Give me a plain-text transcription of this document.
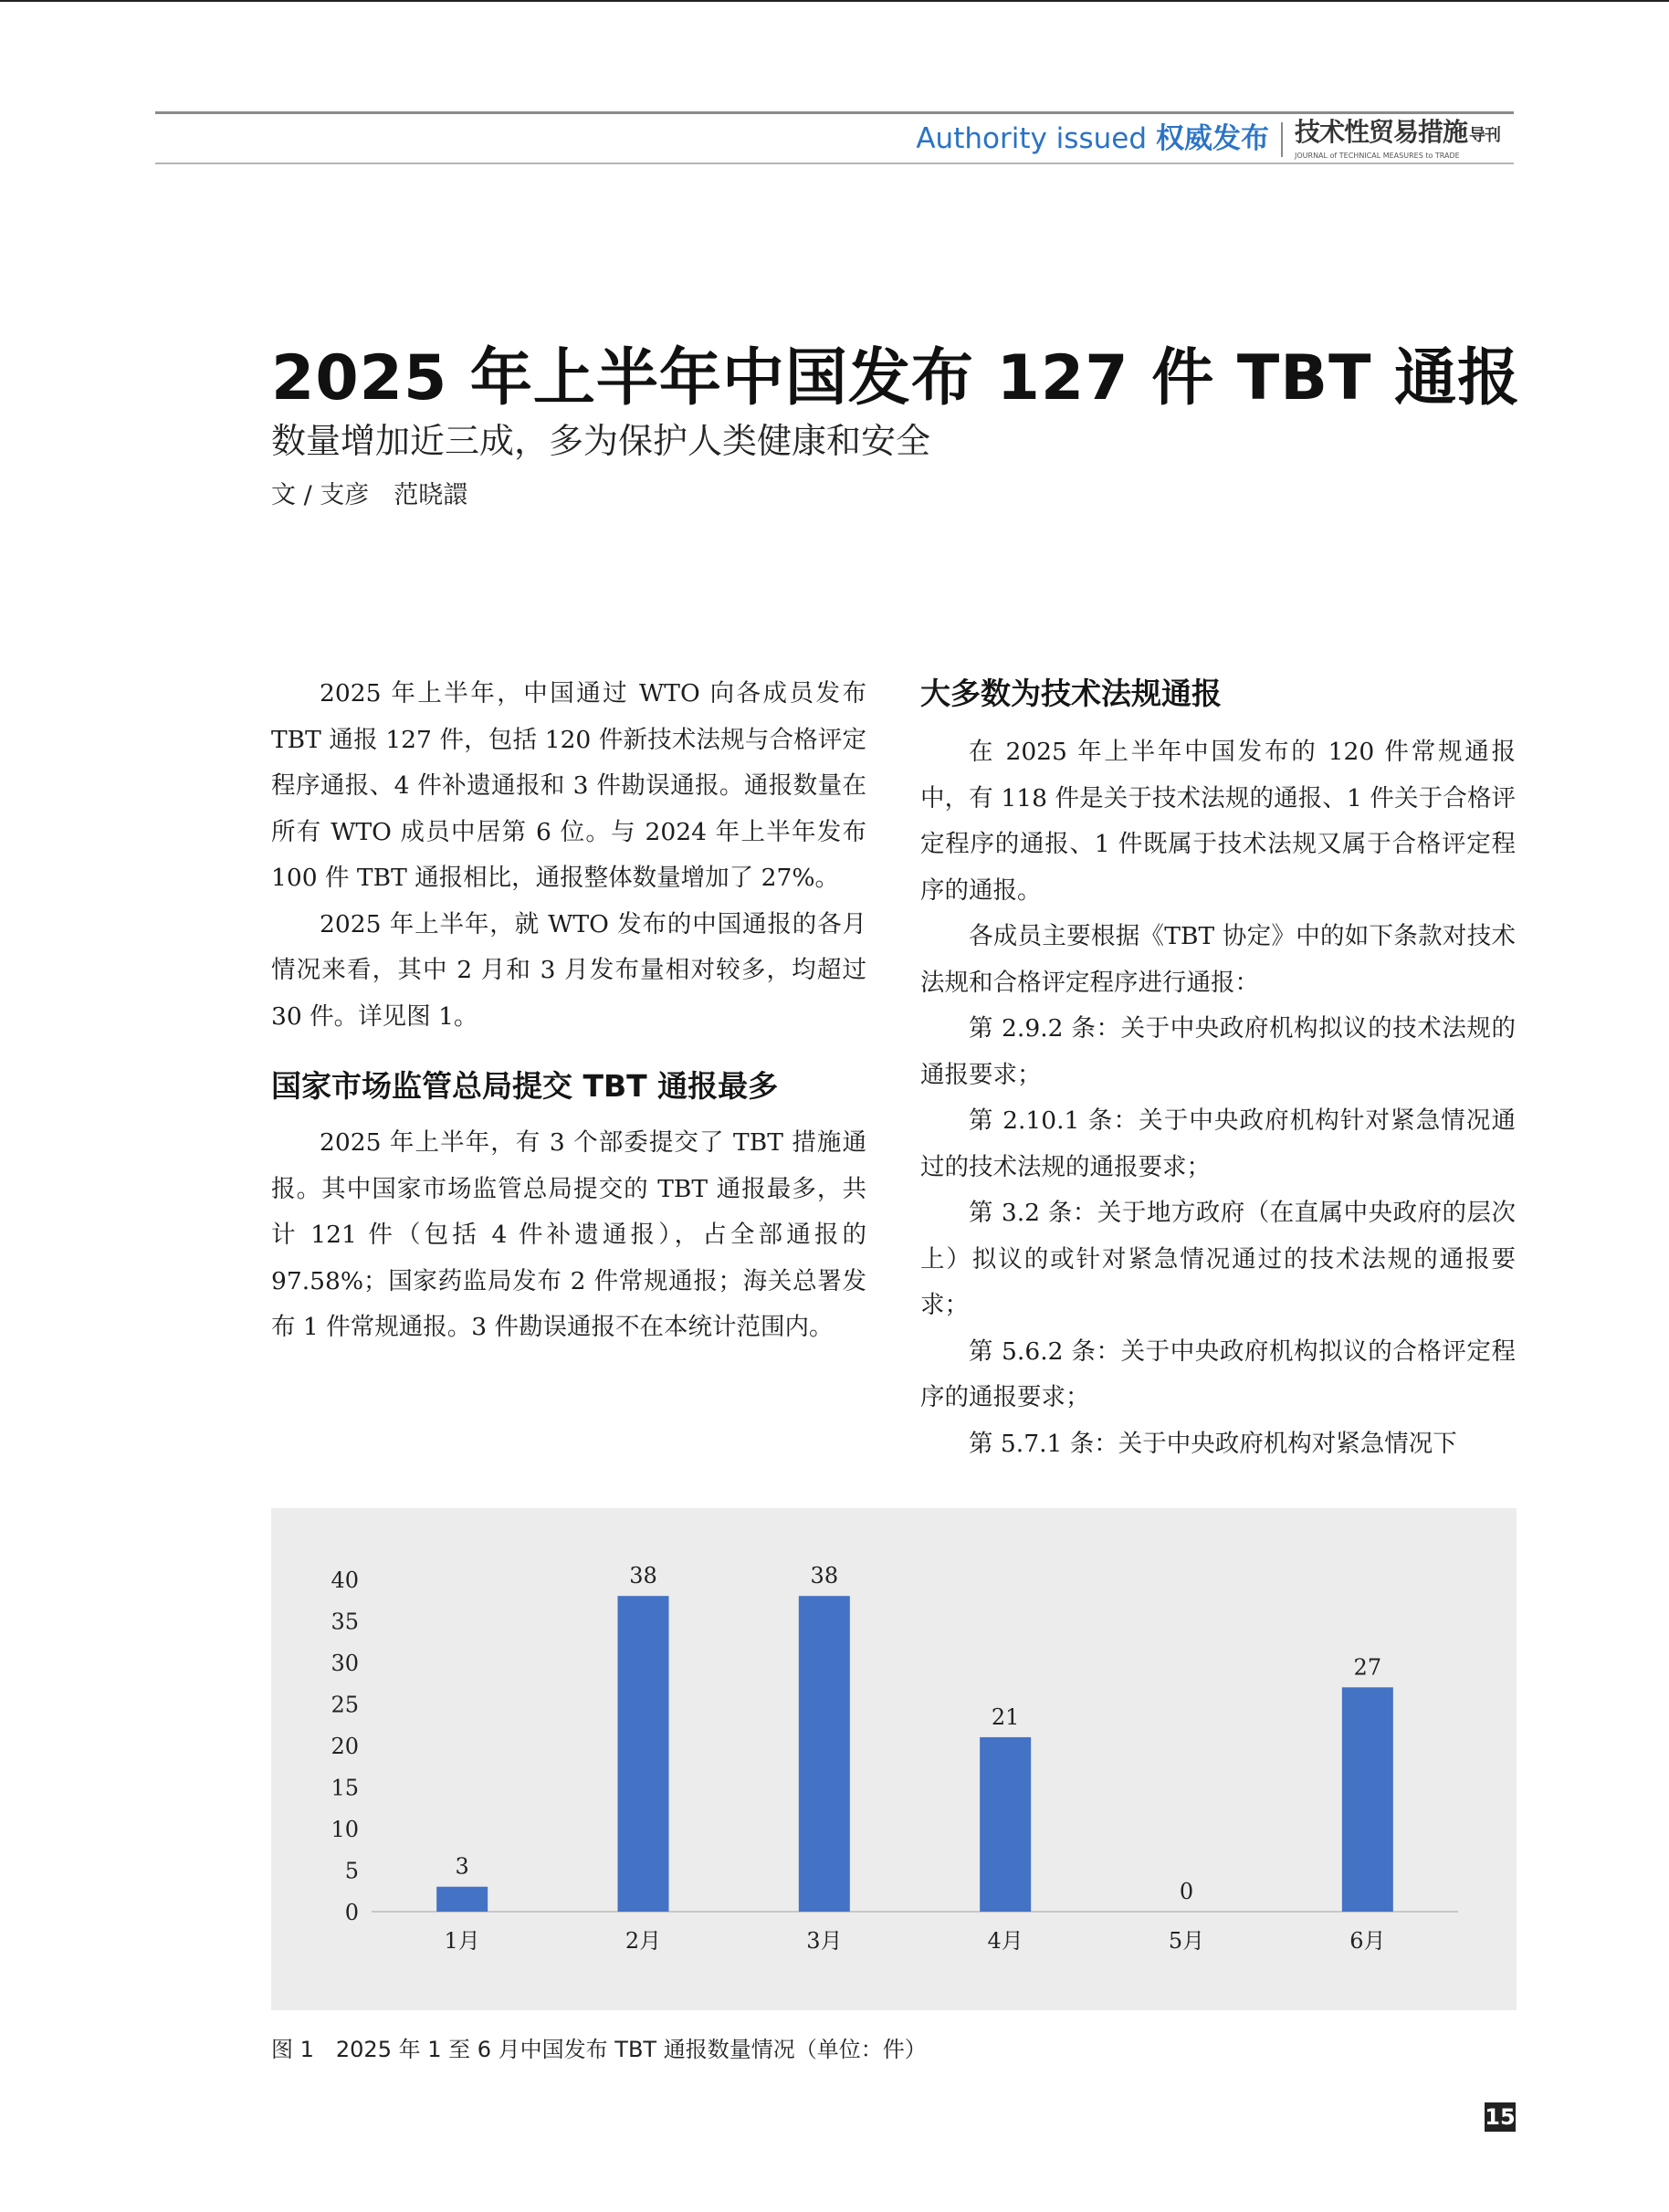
Authority issued 权威发布 技术性贸易措施 导刊
JOURNAL of TECHNICAL MEASURES to TRADE
2025 年上半年中国发布 127 件 TBT 通报
数量增加近三成，多为保护人类健康和安全
文 / 支彦　范晓譞

2025 年上半年，中国通过 WTO 向各成员发布 TBT 通报 127 件，包括 120 件新技术法规与合格评定程序通报、4 件补遗通报和 3 件勘误通报。通报数量在所有 WTO 成员中居第 6 位。与 2024 年上半年发布 100 件 TBT 通报相比，通报整体数量增加了 27%。

2025 年上半年，就 WTO 发布的中国通报的各月情况来看，其中 2 月和 3 月发布量相对较多，均超过 30 件。详见图 1。

国家市场监管总局提交 TBT 通报最多

2025 年上半年，有 3 个部委提交了 TBT 措施通报。其中国家市场监管总局提交的 TBT 通报最多，共计 121 件（包括 4 件补遗通报），占全部通报的 97.58%；国家药监局发布 2 件常规通报；海关总署发布 1 件常规通报。3 件勘误通报不在本统计范围内。

大多数为技术法规通报

在 2025 年上半年中国发布的 120 件常规通报中，有 118 件是关于技术法规的通报、1 件关于合格评定程序的通报、1 件既属于技术法规又属于合格评定程序的通报。

各成员主要根据《TBT 协定》中的如下条款对技术法规和合格评定程序进行通报：

第 2.9.2 条：关于中央政府机构拟议的技术法规的通报要求；

第 2.10.1 条：关于中央政府机构针对紧急情况通过的技术法规的通报要求；

第 3.2 条：关于地方政府（在直属中央政府的层次上）拟议的或针对紧急情况通过的技术法规的通报要求；

第 5.6.2 条：关于中央政府机构拟议的合格评定程序的通报要求；

第 5.7.1 条：关于中央政府机构对紧急情况下

0
5
10
15
20
25
30
35
40
3
1月
38
2月
38
3月
21
4月
0
5月
27
6月
图 1　2025 年 1 至 6 月中国发布 TBT 通报数量情况（单位：件）
15
